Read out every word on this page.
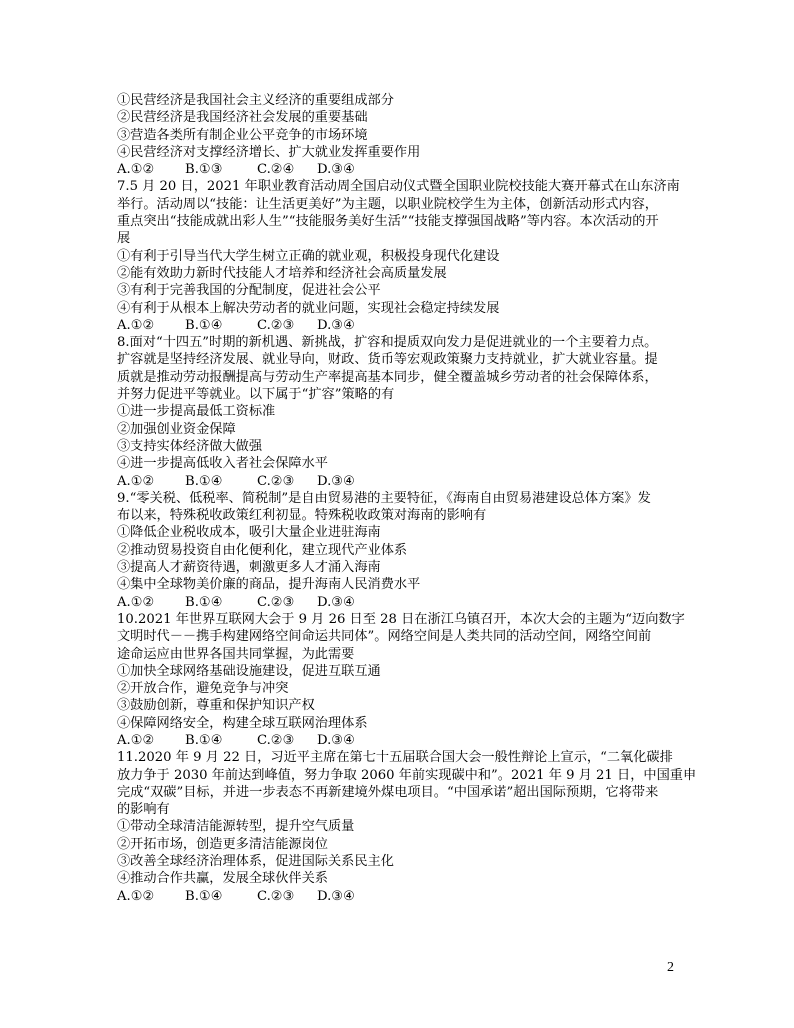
①民营经济是我国社会主义经济的重要组成部分
②民营经济是我国经济社会发展的重要基础
③营造各类所有制企业公平竞争的市场环境
④民营经济对支撑经济增长、扩大就业发挥重要作用
A.①②	B.①③	C.②④	D.③④
7.5 月 20 日，2021 年职业教育活动周全国启动仪式暨全国职业院校技能大赛开幕式在山东济南
举行。活动周以“技能：让生活更美好”为主题，以职业院校学生为主体，创新活动形式内容，
重点突出“技能成就出彩人生”“技能服务美好生活”“技能支撑强国战略”等内容。本次活动的开
展
①有利于引导当代大学生树立正确的就业观，积极投身现代化建设
②能有效助力新时代技能人才培养和经济社会高质量发展
③有利于完善我国的分配制度，促进社会公平
④有利于从根本上解决劳动者的就业问题，实现社会稳定持续发展
A.①②	B.①④	C.②③	D.③④
8.面对“十四五”时期的新机遇、新挑战，扩容和提质双向发力是促进就业的一个主要着力点。
扩容就是坚持经济发展、就业导向，财政、货币等宏观政策聚力支持就业，扩大就业容量。提
质就是推动劳动报酬提高与劳动生产率提高基本同步，健全覆盖城乡劳动者的社会保障体系，
并努力促进平等就业。以下属于“扩容”策略的有
①进一步提高最低工资标准
②加强创业资金保障
③支持实体经济做大做强
④进一步提高低收入者社会保障水平
A.①②	B.①④	C.②③	D.③④
9.“零关税、低税率、简税制”是自由贸易港的主要特征，《海南自由贸易港建设总体方案》发
布以来，特殊税收政策红利初显。特殊税收政策对海南的影响有
①降低企业税收成本，吸引大量企业进驻海南
②推动贸易投资自由化便利化，建立现代产业体系
③提高人才薪资待遇，刺激更多人才涌入海南
④集中全球物美价廉的商品，提升海南人民消费水平
A.①②	B.①④	C.②③	D.③④
10.2021 年世界互联网大会于 9 月 26 日至 28 日在浙江乌镇召开，本次大会的主题为“迈向数字
文明时代－－携手构建网络空间命运共同体”。网络空间是人类共同的活动空间，网络空间前
途命运应由世界各国共同掌握，为此需要
①加快全球网络基础设施建设，促进互联互通
②开放合作，避免竞争与冲突
③鼓励创新，尊重和保护知识产权
④保障网络安全，构建全球互联网治理体系
A.①②	B.①④	C.②③	D.③④
11.2020 年 9 月 22 日，习近平主席在第七十五届联合国大会一般性辩论上宣示，“二氧化碳排
放力争于 2030 年前达到峰值，努力争取 2060 年前实现碳中和”。2021 年 9 月 21 日，中国重申
完成“双碳”目标，并进一步表态不再新建境外煤电项目。“中国承诺”超出国际预期，它将带来
的影响有
①带动全球清洁能源转型，提升空气质量
②开拓市场，创造更多清洁能源岗位
③改善全球经济治理体系，促进国际关系民主化
④推动合作共赢，发展全球伙伴关系
A.①②	B.①④	C.②③	D.③④
2
